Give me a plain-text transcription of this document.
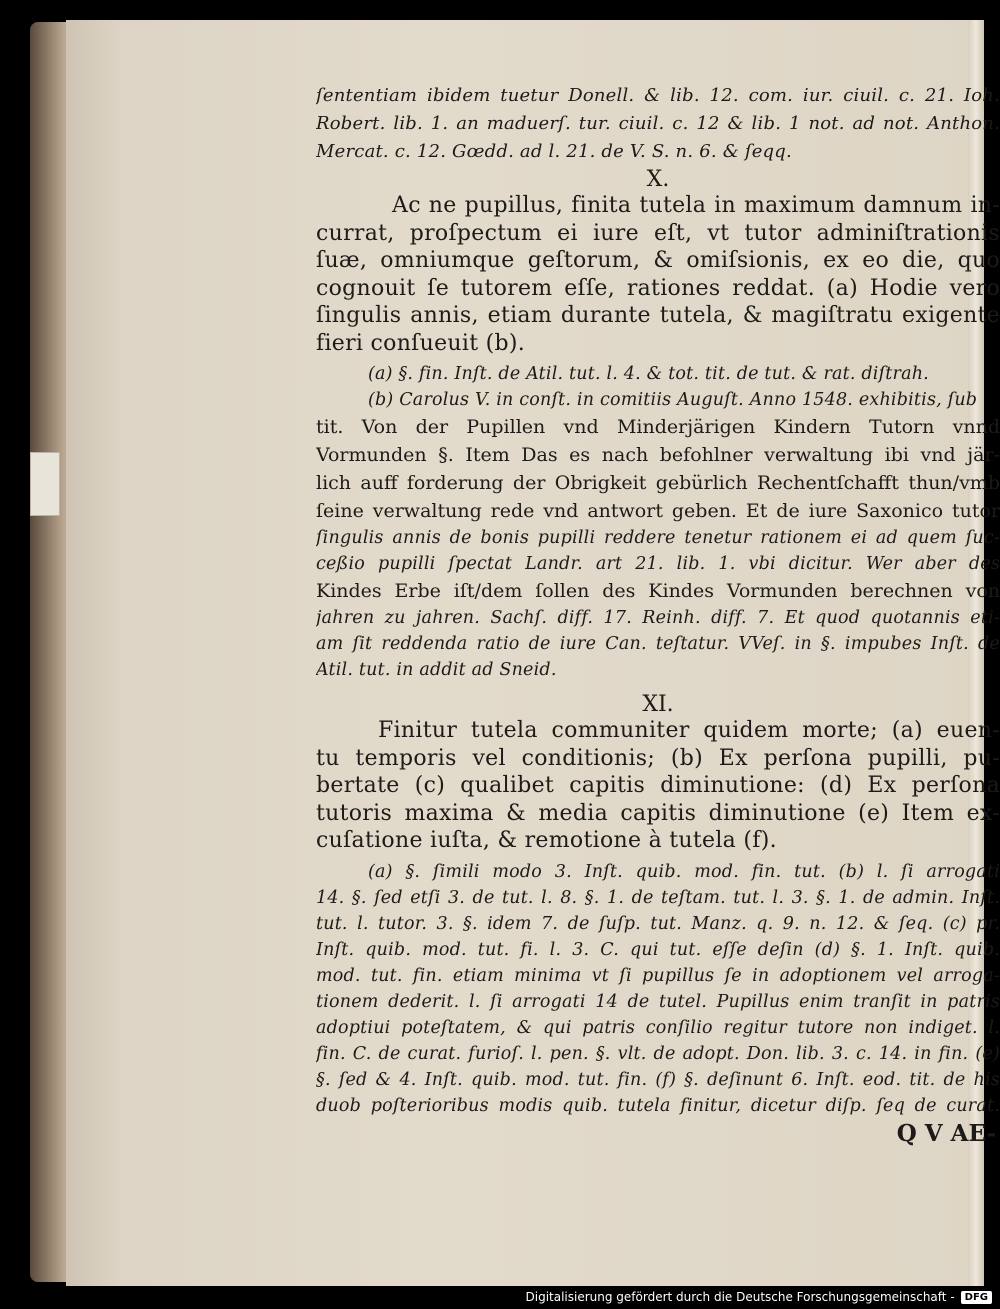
ſententiam ibidem tuetur Donell. & lib. 12. com. iur. ciuil. c. 21. Ioh.

Robert. lib. 1. an maduerſ. tur. ciuil. c. 12 & lib. 1 not. ad not. Anthon.

Mercat. c. 12. Gœdd. ad l. 21. de V. S. n. 6. & ſeqq.

X.

Ac ne pupillus, finita tutela in maximum damnum in-

currat, proſpectum ei iure eſt, vt tutor adminiſtrationis

ſuæ, omniumque geſtorum, & omiſsionis, ex eo die, quo

cognouit ſe tutorem eſſe, rationes reddat. (a) Hodie vero

ſingulis annis, etiam durante tutela, & magiſtratu exigente

fieri conſueuit (b).

(a) §. fin. Inſt. de Atil. tut. l. 4. & tot. tit. de tut. & rat. diſtrah.

(b) Carolus V. in conſt. in comitiis Auguſt. Anno 1548. exhibitis, ſub

tit. Von der Pupillen vnd Minderjärigen Kindern Tutorn vnnd

Vormunden §. Item Das es nach befohlner verwaltung ibi vnd jär-

lich auff forderung der Obrigkeit gebürlich Rechentſchafft thun/vmb

ſeine verwaltung rede vnd antwort geben. Et de iure Saxonico tutor

ſingulis annis de bonis pupilli reddere tenetur rationem ei ad quem ſuc-

ceßio pupilli ſpectat Landr. art 21. lib. 1. vbi dicitur. Wer aber des

Kindes Erbe iſt/dem ſollen des Kindes Vormunden berechnen von

jahren zu jahren. Sachſ. diff. 17. Reinh. diff. 7. Et quod quotannis eti-

am ſit reddenda ratio de iure Can. teſtatur. VVeſ. in §. impubes Inſt. de

Atil. tut. in addit ad Sneid.

XI.

Finitur tutela communiter quidem morte; (a) euen-

tu temporis vel conditionis; (b) Ex perſona pupilli, pu-

bertate (c) qualibet capitis diminutione: (d) Ex perſona

tutoris maxima & media capitis diminutione (e) Item ex-

cuſatione iuſta, & remotione à tutela (f).

(a) §. ſimili modo 3. Inſt. quib. mod. fin. tut. (b) l. ſi arrogati

14. §. ſed etſi 3. de tut. l. 8. §. 1. de teſtam. tut. l. 3. §. 1. de admin. Inſt.

tut. l. tutor. 3. §. idem 7. de ſuſp. tut. Manz. q. 9. n. 12. & ſeq. (c) pr.

Inſt. quib. mod. tut. fi. l. 3. C. qui tut. eſſe deſin (d) §. 1. Inſt. quib.

mod. tut. fin. etiam minima vt ſi pupillus ſe in adoptionem vel arroga-

tionem dederit. l. ſi arrogati 14 de tutel. Pupillus enim tranſit in patris

adoptiui poteſtatem, & qui patris conſilio regitur tutore non indiget. l.

fin. C. de curat. furioſ. l. pen. §. vlt. de adopt. Don. lib. 3. c. 14. in fin. (e)

§. ſed & 4. Inſt. quib. mod. tut. fin. (f) §. deſinunt 6. Inſt. eod. tit. de his

duob poſterioribus modis quib. tutela finitur, dicetur diſp. ſeq de curat.

Q V AE-

Digitalisierung gefördert durch die Deutsche Forschungsgemeinschaft -	DFG
